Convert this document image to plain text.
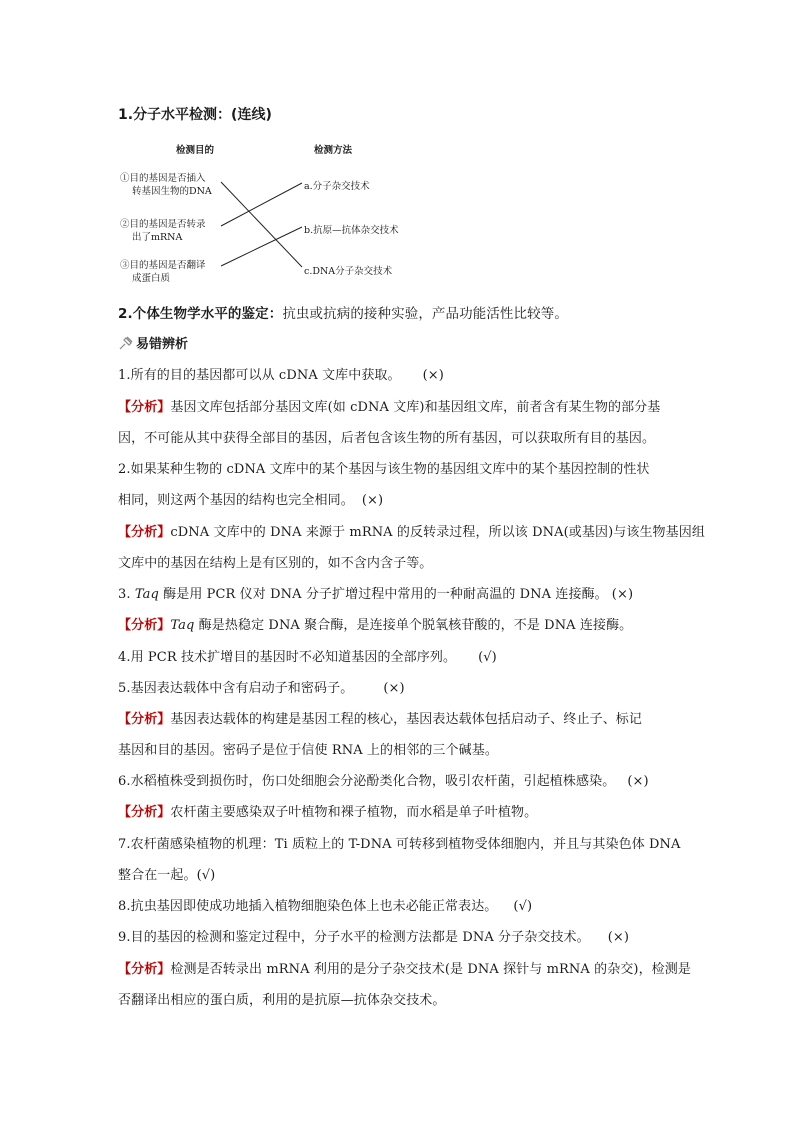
1.分子水平检测：(连线)
检测目的	检测方法
①目的基因是否插入
转基因生物的DNA
②目的基因是否转录
出了mRNA
③目的基因是否翻译
成蛋白质
a.分子杂交技术
b.抗原—抗体杂交技术
c.DNA分子杂交技术
2.个体生物学水平的鉴定：抗虫或抗病的接种实验，产品功能活性比较等。
易错辨析
1.所有的目的基因都可以从 cDNA 文库中获取。 (×)
【分析】基因文库包括部分基因文库(如 cDNA 文库)和基因组文库，前者含有某生物的部分基
因，不可能从其中获得全部目的基因，后者包含该生物的所有基因，可以获取所有目的基因。
2.如果某种生物的 cDNA 文库中的某个基因与该生物的基因组文库中的某个基因控制的性状
相同，则这两个基因的结构也完全相同。 (×)
【分析】cDNA 文库中的 DNA 来源于 mRNA 的反转录过程，所以该 DNA(或基因)与该生物基因组
文库中的基因在结构上是有区别的，如不含内含子等。
3. Taq 酶是用 PCR 仪对 DNA 分子扩增过程中常用的一种耐高温的 DNA 连接酶。 (×)
【分析】Taq 酶是热稳定 DNA 聚合酶，是连接单个脱氧核苷酸的，不是 DNA 连接酶。
4.用 PCR 技术扩增目的基因时不必知道基因的全部序列。 (√)
5.基因表达载体中含有启动子和密码子。 (×)
【分析】基因表达载体的构建是基因工程的核心，基因表达载体包括启动子、终止子、标记
基因和目的基因。密码子是位于信使 RNA 上的相邻的三个碱基。
6.水稻植株受到损伤时，伤口处细胞会分泌酚类化合物，吸引农杆菌，引起植株感染。 (×)
【分析】农杆菌主要感染双子叶植物和裸子植物，而水稻是单子叶植物。
7.农杆菌感染植物的机理：Ti 质粒上的 T-DNA 可转移到植物受体细胞内，并且与其染色体 DNA
整合在一起。(√)
8.抗虫基因即使成功地插入植物细胞染色体上也未必能正常表达。 (√)
9.目的基因的检测和鉴定过程中，分子水平的检测方法都是 DNA 分子杂交技术。 (×)
【分析】检测是否转录出 mRNA 利用的是分子杂交技术(是 DNA 探针与 mRNA 的杂交)，检测是
否翻译出相应的蛋白质，利用的是抗原—抗体杂交技术。
